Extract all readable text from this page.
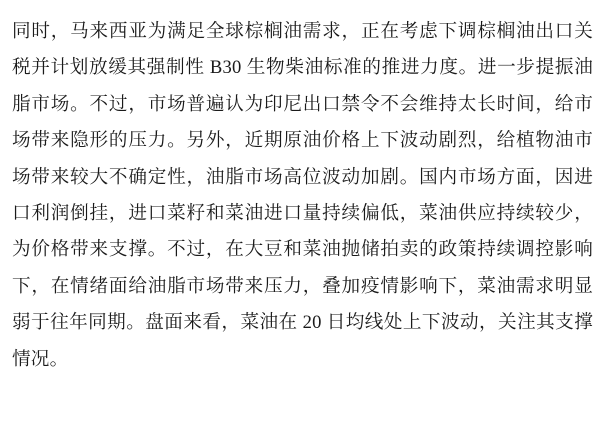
同时，马来西亚为满足全球棕榈油需求，正在考虑下调棕榈油出口关税并计划放缓其强制性 B30 生物柴油标准的推进力度。进一步提振油脂市场。不过，市场普遍认为印尼出口禁令不会维持太长时间，给市场带来隐形的压力。另外，近期原油价格上下波动剧烈，给植物油市场带来较大不确定性，油脂市场高位波动加剧。国内市场方面，因进口利润倒挂，进口菜籽和菜油进口量持续偏低，菜油供应持续较少，为价格带来支撑。不过，在大豆和菜油抛储拍卖的政策持续调控影响下，在情绪面给油脂市场带来压力，叠加疫情影响下，菜油需求明显弱于往年同期。盘面来看，菜油在 20 日均线处上下波动，关注其支撑情况。
